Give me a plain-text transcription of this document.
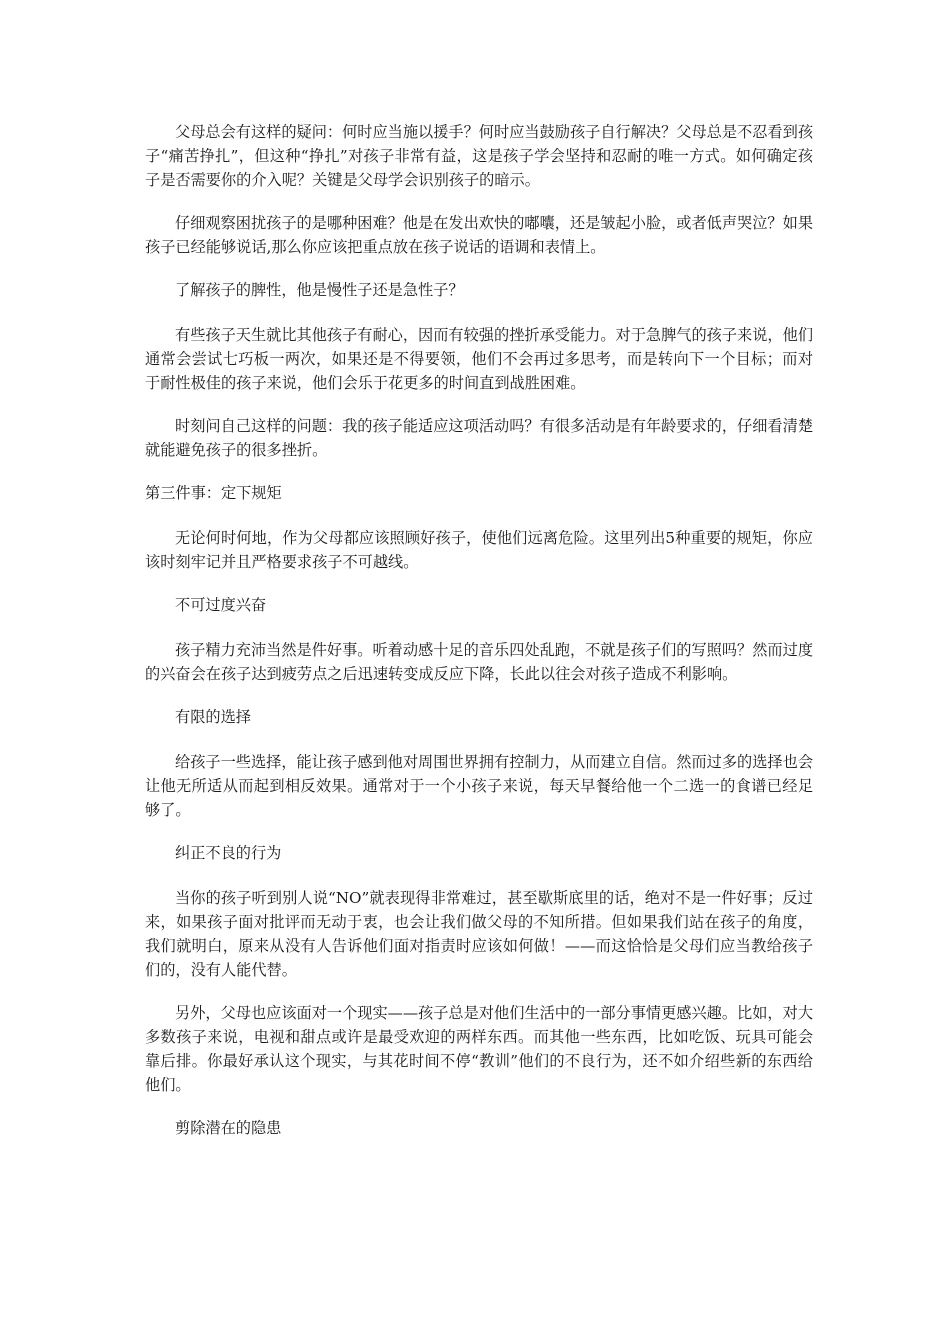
父母总会有这样的疑问：何时应当施以援手？何时应当鼓励孩子自行解决？父母总是不忍看到孩子“痛苦挣扎”，但这种“挣扎”对孩子非常有益，这是孩子学会坚持和忍耐的唯一方式。如何确定孩子是否需要你的介入呢？关键是父母学会识别孩子的暗示。

仔细观察困扰孩子的是哪种困难？他是在发出欢快的嘟囔，还是皱起小脸，或者低声哭泣？如果孩子已经能够说话,那么你应该把重点放在孩子说话的语调和表情上。

了解孩子的脾性，他是慢性子还是急性子？

有些孩子天生就比其他孩子有耐心，因而有较强的挫折承受能力。对于急脾气的孩子来说，他们通常会尝试七巧板一两次，如果还是不得要领，他们不会再过多思考，而是转向下一个目标；而对于耐性极佳的孩子来说，他们会乐于花更多的时间直到战胜困难。

时刻问自己这样的问题：我的孩子能适应这项活动吗？有很多活动是有年龄要求的，仔细看清楚就能避免孩子的很多挫折。

第三件事：定下规矩

无论何时何地，作为父母都应该照顾好孩子，使他们远离危险。这里列出5种重要的规矩，你应该时刻牢记并且严格要求孩子不可越线。

不可过度兴奋

孩子精力充沛当然是件好事。听着动感十足的音乐四处乱跑，不就是孩子们的写照吗？然而过度的兴奋会在孩子达到疲劳点之后迅速转变成反应下降，长此以往会对孩子造成不利影响。

有限的选择

给孩子一些选择，能让孩子感到他对周围世界拥有控制力，从而建立自信。然而过多的选择也会让他无所适从而起到相反效果。通常对于一个小孩子来说，每天早餐给他一个二选一的食谱已经足够了。

纠正不良的行为

当你的孩子听到别人说“NO”就表现得非常难过，甚至歇斯底里的话，绝对不是一件好事；反过来，如果孩子面对批评而无动于衷，也会让我们做父母的不知所措。但如果我们站在孩子的角度，我们就明白，原来从没有人告诉他们面对指责时应该如何做！——而这恰恰是父母们应当教给孩子们的，没有人能代替。

另外，父母也应该面对一个现实——孩子总是对他们生活中的一部分事情更感兴趣。比如，对大多数孩子来说，电视和甜点或许是最受欢迎的两样东西。而其他一些东西，比如吃饭、玩具可能会靠后排。你最好承认这个现实，与其花时间不停“教训”他们的不良行为，还不如介绍些新的东西给他们。

剪除潜在的隐患
